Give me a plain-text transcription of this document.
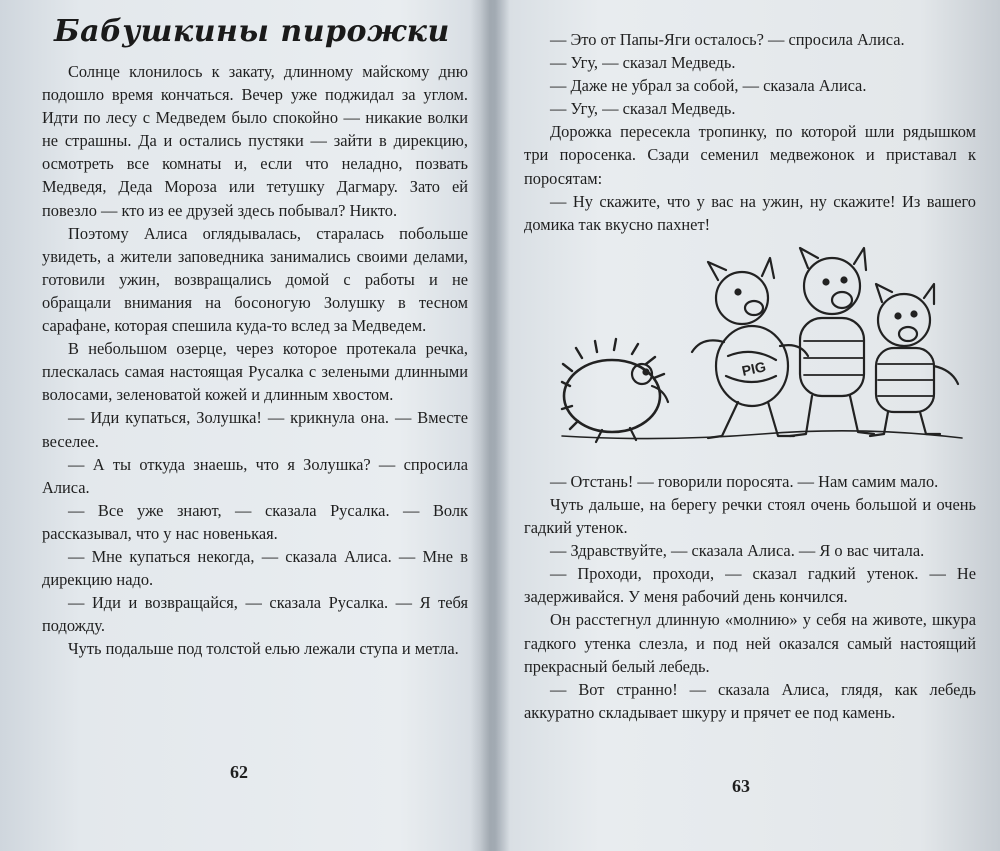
Бабушкины пирожки

Солнце клонилось к закату, длинному майскому дню подошло время кончаться. Вечер уже поджидал за углом. Идти по лесу с Медведем было спокойно — никакие волки не страшны. Да и остались пустяки — зайти в дирекцию, осмотреть все комнаты и, если что неладно, позвать Медведя, Деда Мороза или тетушку Дагмару. Зато ей повезло — кто из ее друзей здесь побывал? Никто.

Поэтому Алиса оглядывалась, старалась побольше увидеть, а жители заповедника занимались своими делами, готовили ужин, возвращались домой с работы и не обращали внимания на босоногую Золушку в тесном сарафане, которая спешила куда-то вслед за Медведем.

В небольшом озерце, через которое протекала речка, плескалась самая настоящая Русалка с зелеными длинными волосами, зеленоватой кожей и длинным хвостом.

— Иди купаться, Золушка! — крикнула она. — Вместе веселее.

— А ты откуда знаешь, что я Золушка? — спросила Алиса.

— Все уже знают, — сказала Русалка. — Волк рассказывал, что у нас новенькая.

— Мне купаться некогда, — сказала Алиса. — Мне в дирекцию надо.

— Иди и возвращайся, — сказала Русалка. — Я тебя подожду.

Чуть подальше под толстой елью лежали ступа и метла.

62

— Это от Папы-Яги осталось? — спросила Алиса.

— Угу, — сказал Медведь.

— Даже не убрал за собой, — сказала Алиса.

— Угу, — сказал Медведь.

Дорожка пересекла тропинку, по которой шли рядышком три поросенка. Сзади семенил медвежонок и приставал к поросятам:

— Ну скажите, что у вас на ужин, ну скажите! Из вашего домика так вкусно пахнет!

PIG

— Отстань! — говорили поросята. — Нам самим мало.

Чуть дальше, на берегу речки стоял очень большой и очень гадкий утенок.

— Здравствуйте, — сказала Алиса. — Я о вас читала.

— Проходи, проходи, — сказал гадкий утенок. — Не задерживайся. У меня рабочий день кончился.

Он расстегнул длинную «молнию» у себя на животе, шкура гадкого утенка слезла, и под ней оказался самый настоящий прекрасный белый лебедь.

— Вот странно! — сказала Алиса, глядя, как лебедь аккуратно складывает шкуру и прячет ее под камень.

63
